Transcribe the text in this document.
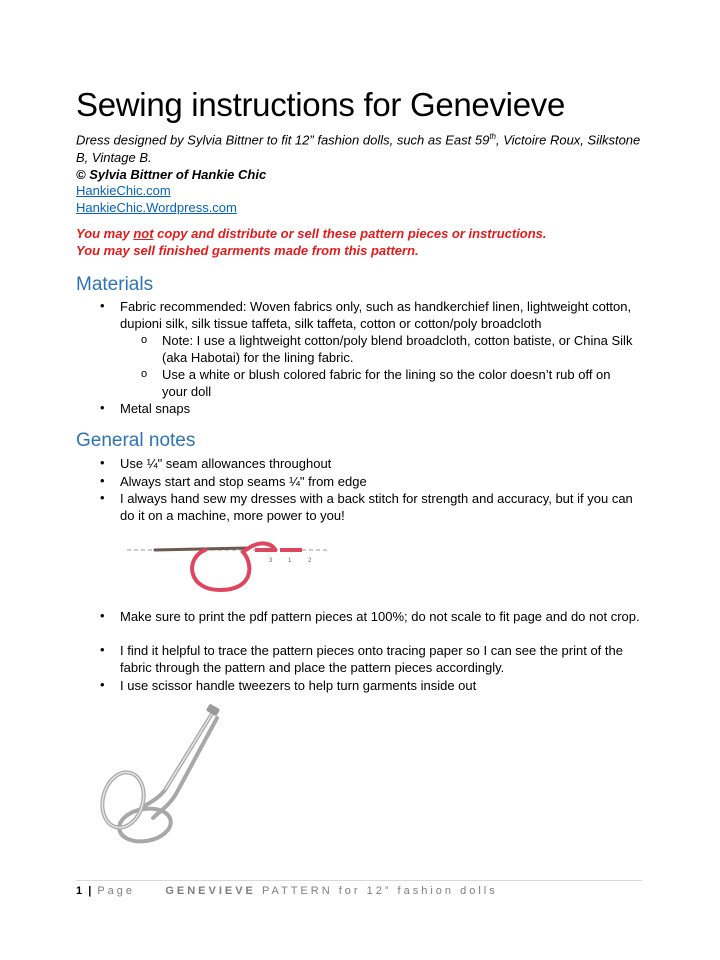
Sewing instructions for Genevieve
Dress designed by Sylvia Bittner to fit 12” fashion dolls, such as East 59th, Victoire Roux, Silkstone B, Vintage B.
© Sylvia Bittner of Hankie Chic
HankieChic.com
HankieChic.Wordpress.com
You may not copy and distribute or sell these pattern pieces or instructions.
You may sell finished garments made from this pattern.
Materials
• Fabric recommended: Woven fabrics only, such as handkerchief linen, lightweight cotton, dupioni silk, silk tissue taffeta, silk taffeta, cotton or cotton/poly broadcloth
o Note: I use a lightweight cotton/poly blend broadcloth, cotton batiste, or China Silk (aka Habotai) for the lining fabric.
o Use a white or blush colored fabric for the lining so the color doesn’t rub off on your doll
• Metal snaps
General notes
• Use ¼" seam allowances throughout
• Always start and stop seams ¼" from edge
• I always hand sew my dresses with a back stitch for strength and accuracy, but if you can do it on a machine, more power to you!
3	1	2
• Make sure to print the pdf pattern pieces at 100%; do not scale to fit page and do not crop.
• I find it helpful to trace the pattern pieces onto tracing paper so I can see the print of the fabric through the pattern and place the pattern pieces accordingly.
• I use scissor handle tweezers to help turn garments inside out
1 | Page	GENEVIEVE PATTERN for 12” fashion dolls
